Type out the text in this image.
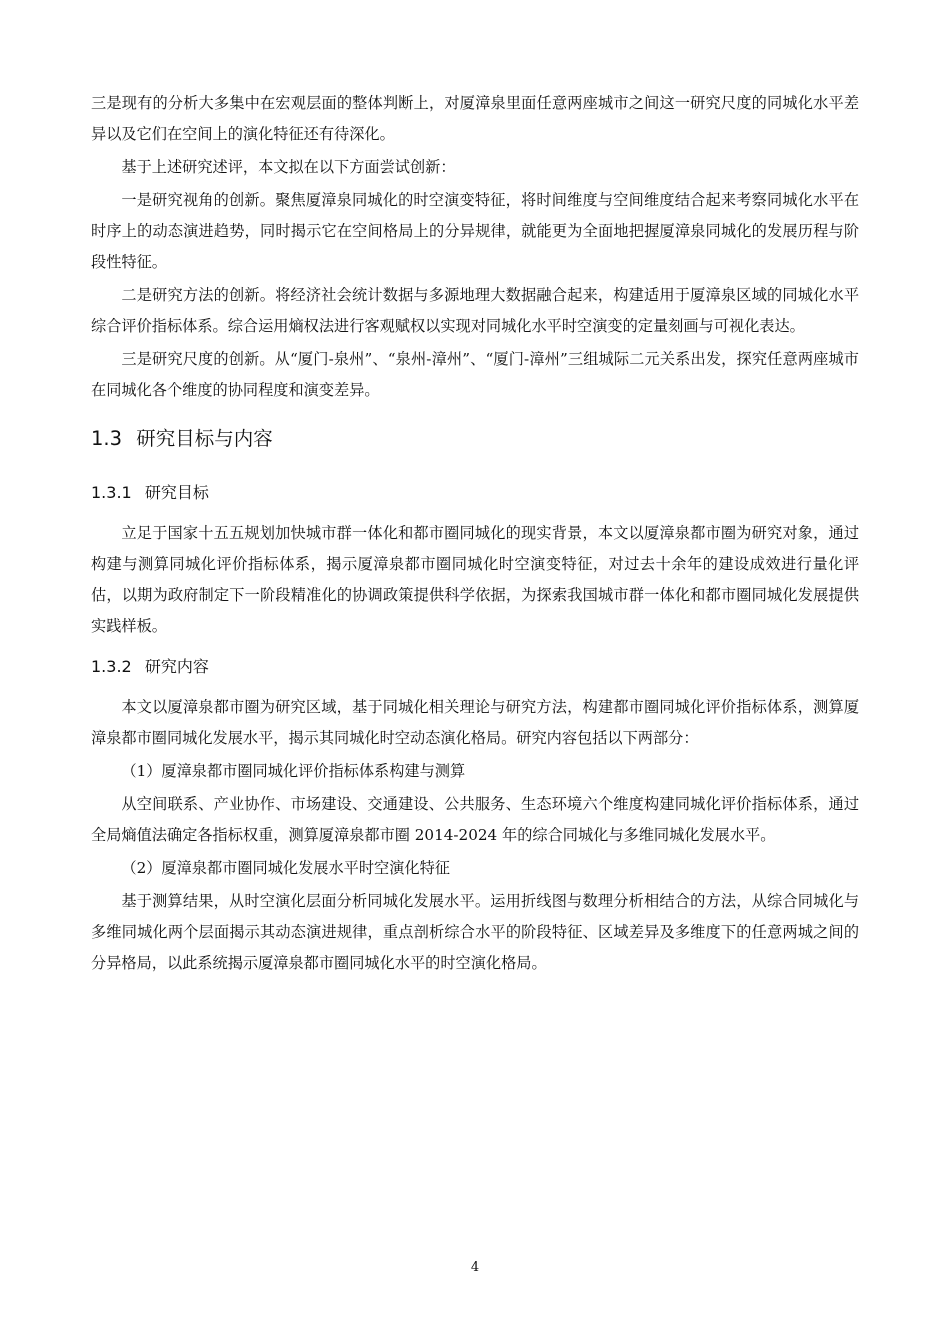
三是现有的分析大多集中在宏观层面的整体判断上，对厦漳泉里面任意两座城市之间这一研究尺度的同城化水平差异以及它们在空间上的演化特征还有待深化。

基于上述研究述评，本文拟在以下方面尝试创新：

一是研究视角的创新。聚焦厦漳泉同城化的时空演变特征，将时间维度与空间维度结合起来考察同城化水平在时序上的动态演进趋势，同时揭示它在空间格局上的分异规律，就能更为全面地把握厦漳泉同城化的发展历程与阶段性特征。

二是研究方法的创新。将经济社会统计数据与多源地理大数据融合起来，构建适用于厦漳泉区域的同城化水平综合评价指标体系。综合运用熵权法进行客观赋权以实现对同城化水平时空演变的定量刻画与可视化表达。

三是研究尺度的创新。从“厦门-泉州”、“泉州-漳州”、“厦门-漳州”三组城际二元关系出发，探究任意两座城市在同城化各个维度的协同程度和演变差异。

1.3 研究目标与内容
1.3.1 研究目标

立足于国家十五五规划加快城市群一体化和都市圈同城化的现实背景，本文以厦漳泉都市圈为研究对象，通过构建与测算同城化评价指标体系，揭示厦漳泉都市圈同城化时空演变特征，对过去十余年的建设成效进行量化评估，以期为政府制定下一阶段精准化的协调政策提供科学依据，为探索我国城市群一体化和都市圈同城化发展提供实践样板。

1.3.2 研究内容

本文以厦漳泉都市圈为研究区域，基于同城化相关理论与研究方法，构建都市圈同城化评价指标体系，测算厦漳泉都市圈同城化发展水平，揭示其同城化时空动态演化格局。研究内容包括以下两部分：

（1）厦漳泉都市圈同城化评价指标体系构建与测算

从空间联系、产业协作、市场建设、交通建设、公共服务、生态环境六个维度构建同城化评价指标体系，通过全局熵值法确定各指标权重，测算厦漳泉都市圈 2014-2024 年的综合同城化与多维同城化发展水平。

（2）厦漳泉都市圈同城化发展水平时空演化特征

基于测算结果，从时空演化层面分析同城化发展水平。运用折线图与数理分析相结合的方法，从综合同城化与多维同城化两个层面揭示其动态演进规律，重点剖析综合水平的阶段特征、区域差异及多维度下的任意两城之间的分异格局，以此系统揭示厦漳泉都市圈同城化水平的时空演化格局。

4
